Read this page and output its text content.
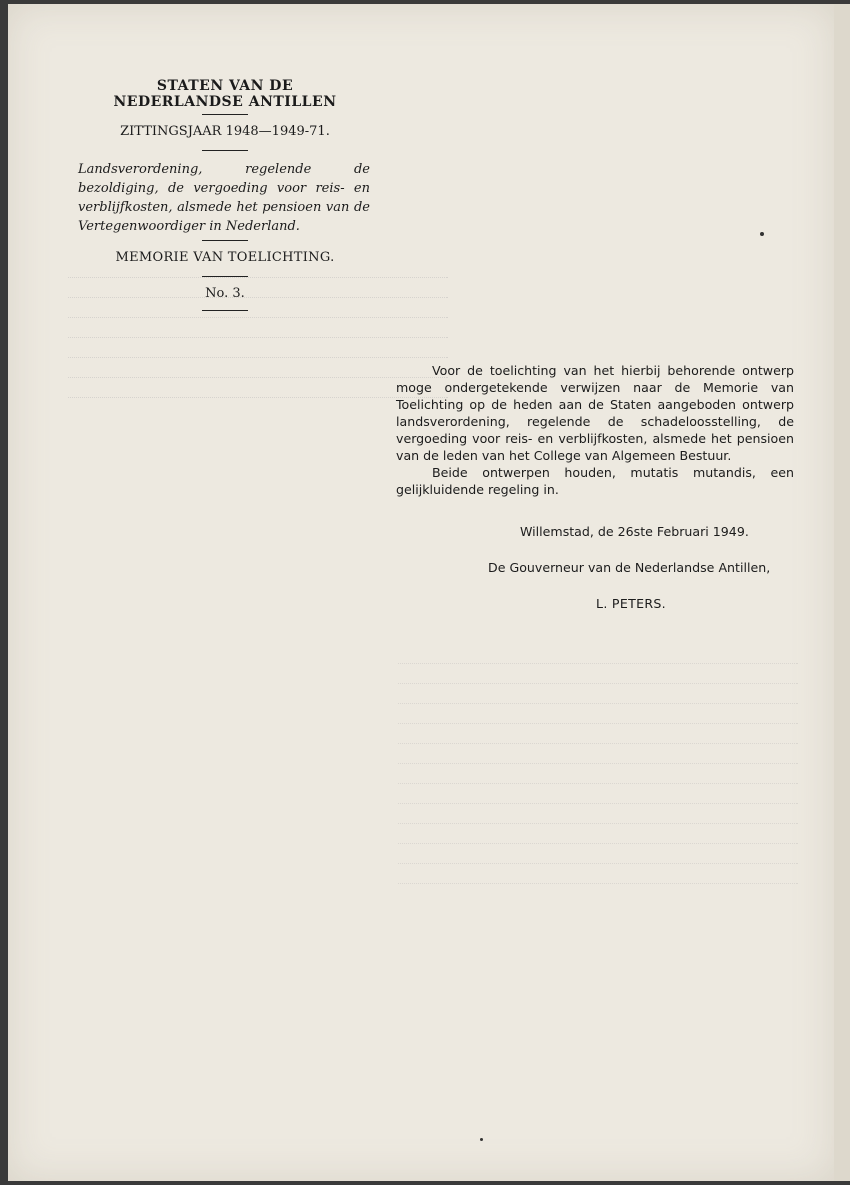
STATEN VAN DE
NEDERLANDSE ANTILLEN
ZITTINGSJAAR 1948—1949-71.
Landsverordening, regelende de bezoldiging, de vergoeding voor reis- en verblijfkosten, alsmede het pensioen van de Vertegenwoordiger in Nederland.
MEMORIE VAN TOELICHTING.
No. 3.

Voor de toelichting van het hierbij behorende ontwerp moge ondergetekende verwijzen naar de Memorie van Toelichting op de heden aan de Staten aangeboden ontwerp landsverordening, regelende de schadeloosstelling, de vergoeding voor reis- en verblijfkosten, alsmede het pensioen van de leden van het College van Algemeen Bestuur.

Beide ontwerpen houden, mutatis mutandis, een gelijkluidende regeling in.

Willemstad, de 26ste Februari 1949.
De Gouverneur van de Nederlandse Antillen,
L. PETERS.
